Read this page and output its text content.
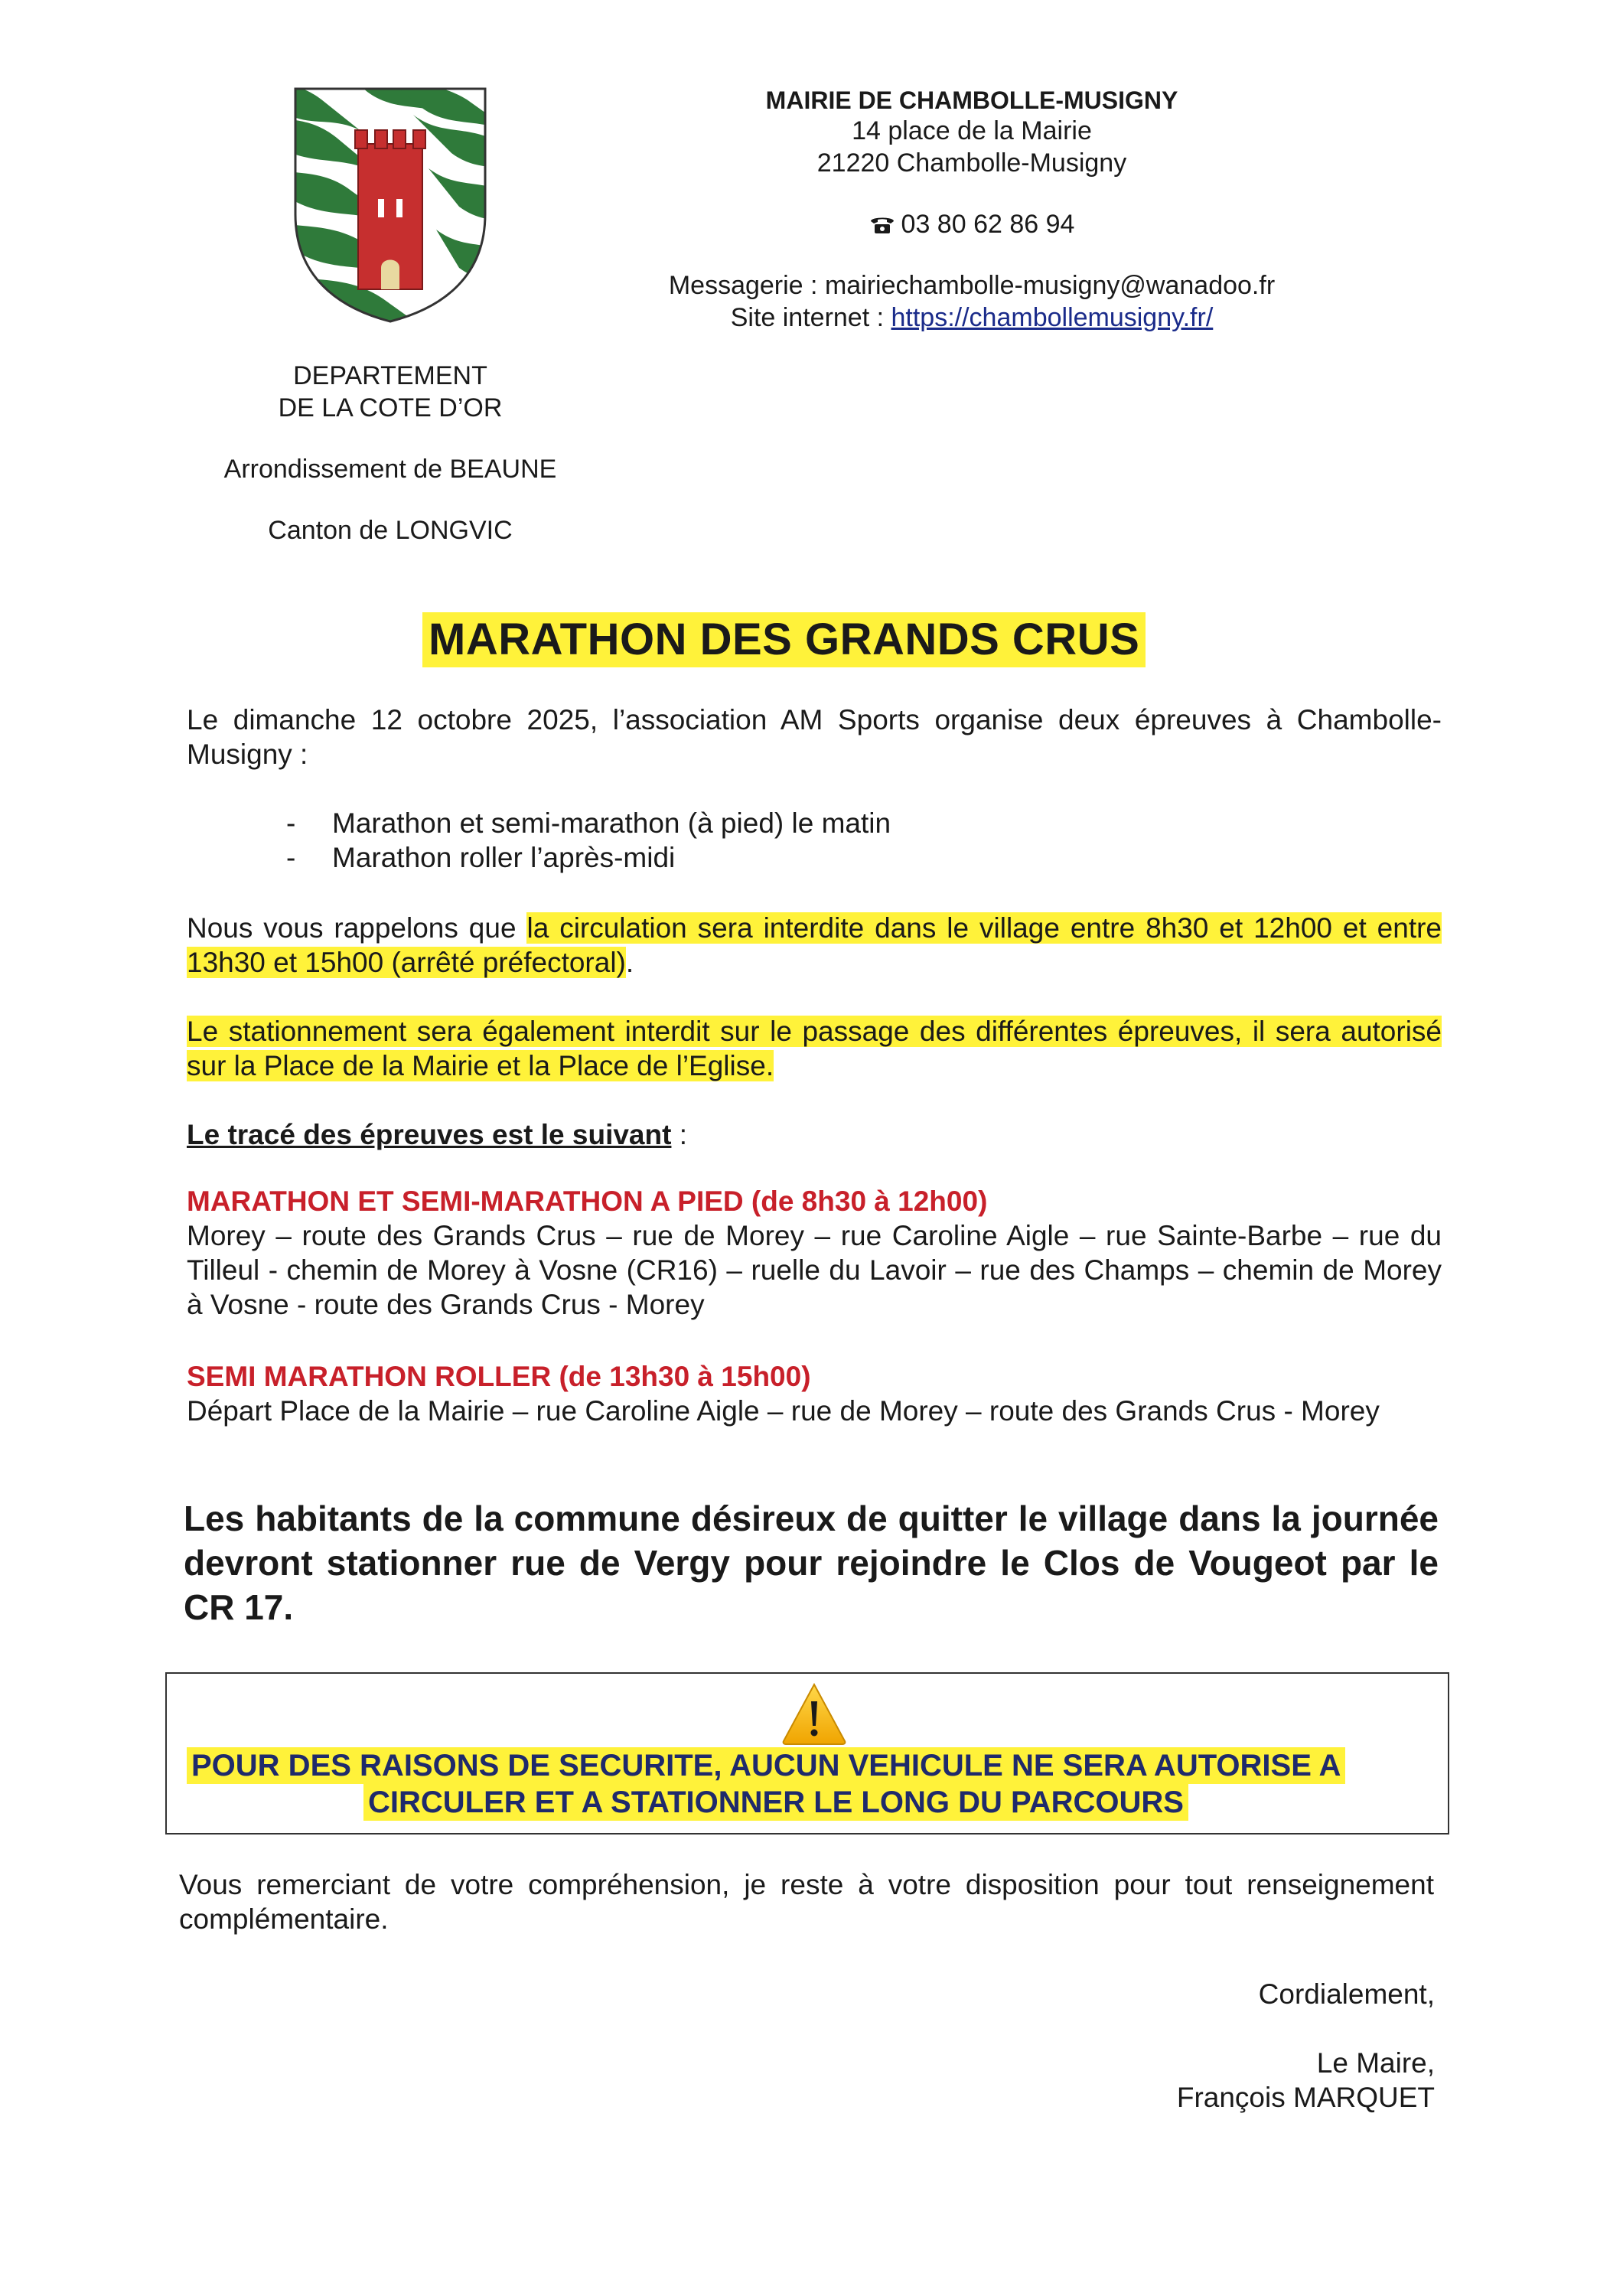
DEPARTEMENT
DE LA COTE D’OR
Arrondissement de BEAUNE
Canton de LONGVIC
MAIRIE DE CHAMBOLLE-MUSIGNY
14 place de la Mairie
21220 Chambolle-Musigny
03 80 62 86 94
Messagerie : mairiechambolle-musigny@wanadoo.fr
Site internet : https://chambollemusigny.fr/
MARATHON DES GRANDS CRUS
Le dimanche 12 octobre 2025, l’association AM Sports organise deux épreuves à Chambolle-Musigny :
-	Marathon et semi-marathon (à pied) le matin
-	Marathon roller l’après-midi
Nous vous rappelons que la circulation sera interdite dans le village entre 8h30 et 12h00 et entre 13h30 et 15h00 (arrêté préfectoral).
Le stationnement sera également interdit sur le passage des différentes épreuves, il sera autorisé sur la Place de la Mairie et la Place de l’Eglise.
Le tracé des épreuves est le suivant :
MARATHON ET SEMI-MARATHON A PIED (de 8h30 à 12h00)
Morey – route des Grands Crus – rue de Morey – rue Caroline Aigle – rue Sainte-Barbe – rue du Tilleul - chemin de Morey à Vosne (CR16) – ruelle du Lavoir – rue des Champs – chemin de Morey à Vosne - route des Grands Crus - Morey
SEMI MARATHON ROLLER (de 13h30 à 15h00)
Départ Place de la Mairie – rue Caroline Aigle – rue de Morey – route des Grands Crus - Morey
Les habitants de la commune désireux de quitter le village dans la journée devront stationner rue de Vergy pour rejoindre le Clos de Vougeot par le CR 17.
POUR DES RAISONS DE SECURITE, AUCUN VEHICULE NE SERA AUTORISE A
CIRCULER ET A STATIONNER LE LONG DU PARCOURS
Vous remerciant de votre compréhension, je reste à votre disposition pour tout renseignement complémentaire.
Cordialement,
Le Maire,
François MARQUET
